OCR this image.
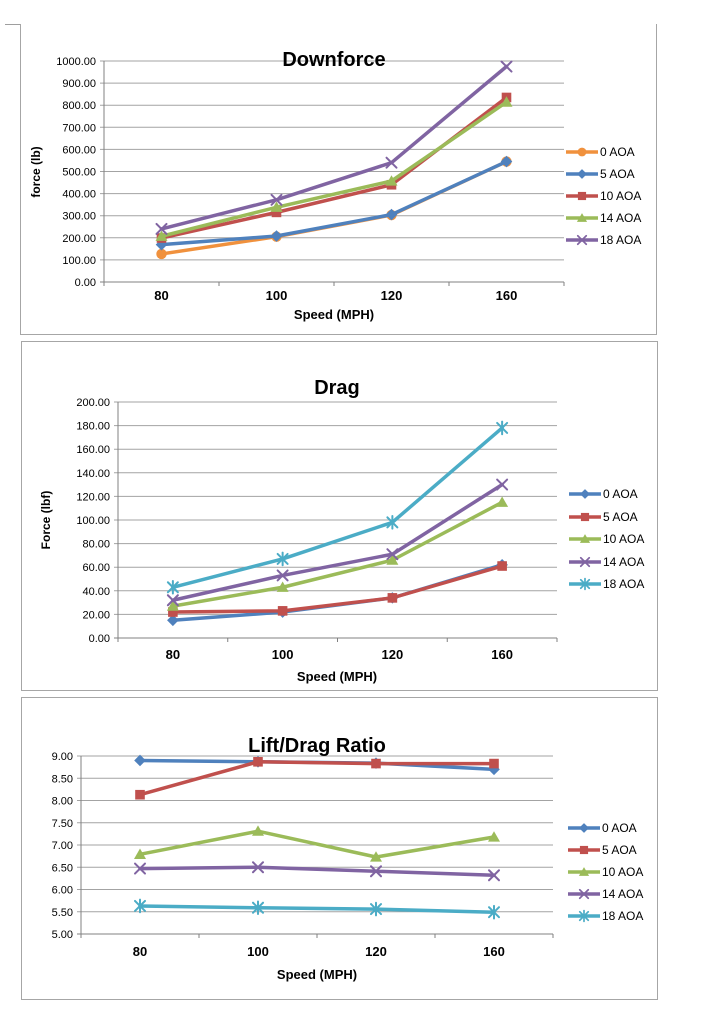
0.00
100.00
200.00
300.00
400.00
500.00
600.00
700.00
800.00
900.00
1000.00
80	100	120	160
Downforce
force (lb)
Speed (MPH)
0 AOA
5 AOA
10 AOA
14 AOA
18 AOA
0.00
20.00
40.00
60.00
80.00
100.00
120.00
140.00
160.00
180.00
200.00
80	100	120	160
Drag
Force (lbf)
Speed (MPH)
0 AOA
5 AOA
10 AOA
14 AOA
18 AOA
5.00
5.50
6.00
6.50
7.00
7.50
8.00
8.50
9.00
80	100	120	160
Lift/Drag Ratio
Speed (MPH)
0 AOA
5 AOA
10 AOA
14 AOA
18 AOA
